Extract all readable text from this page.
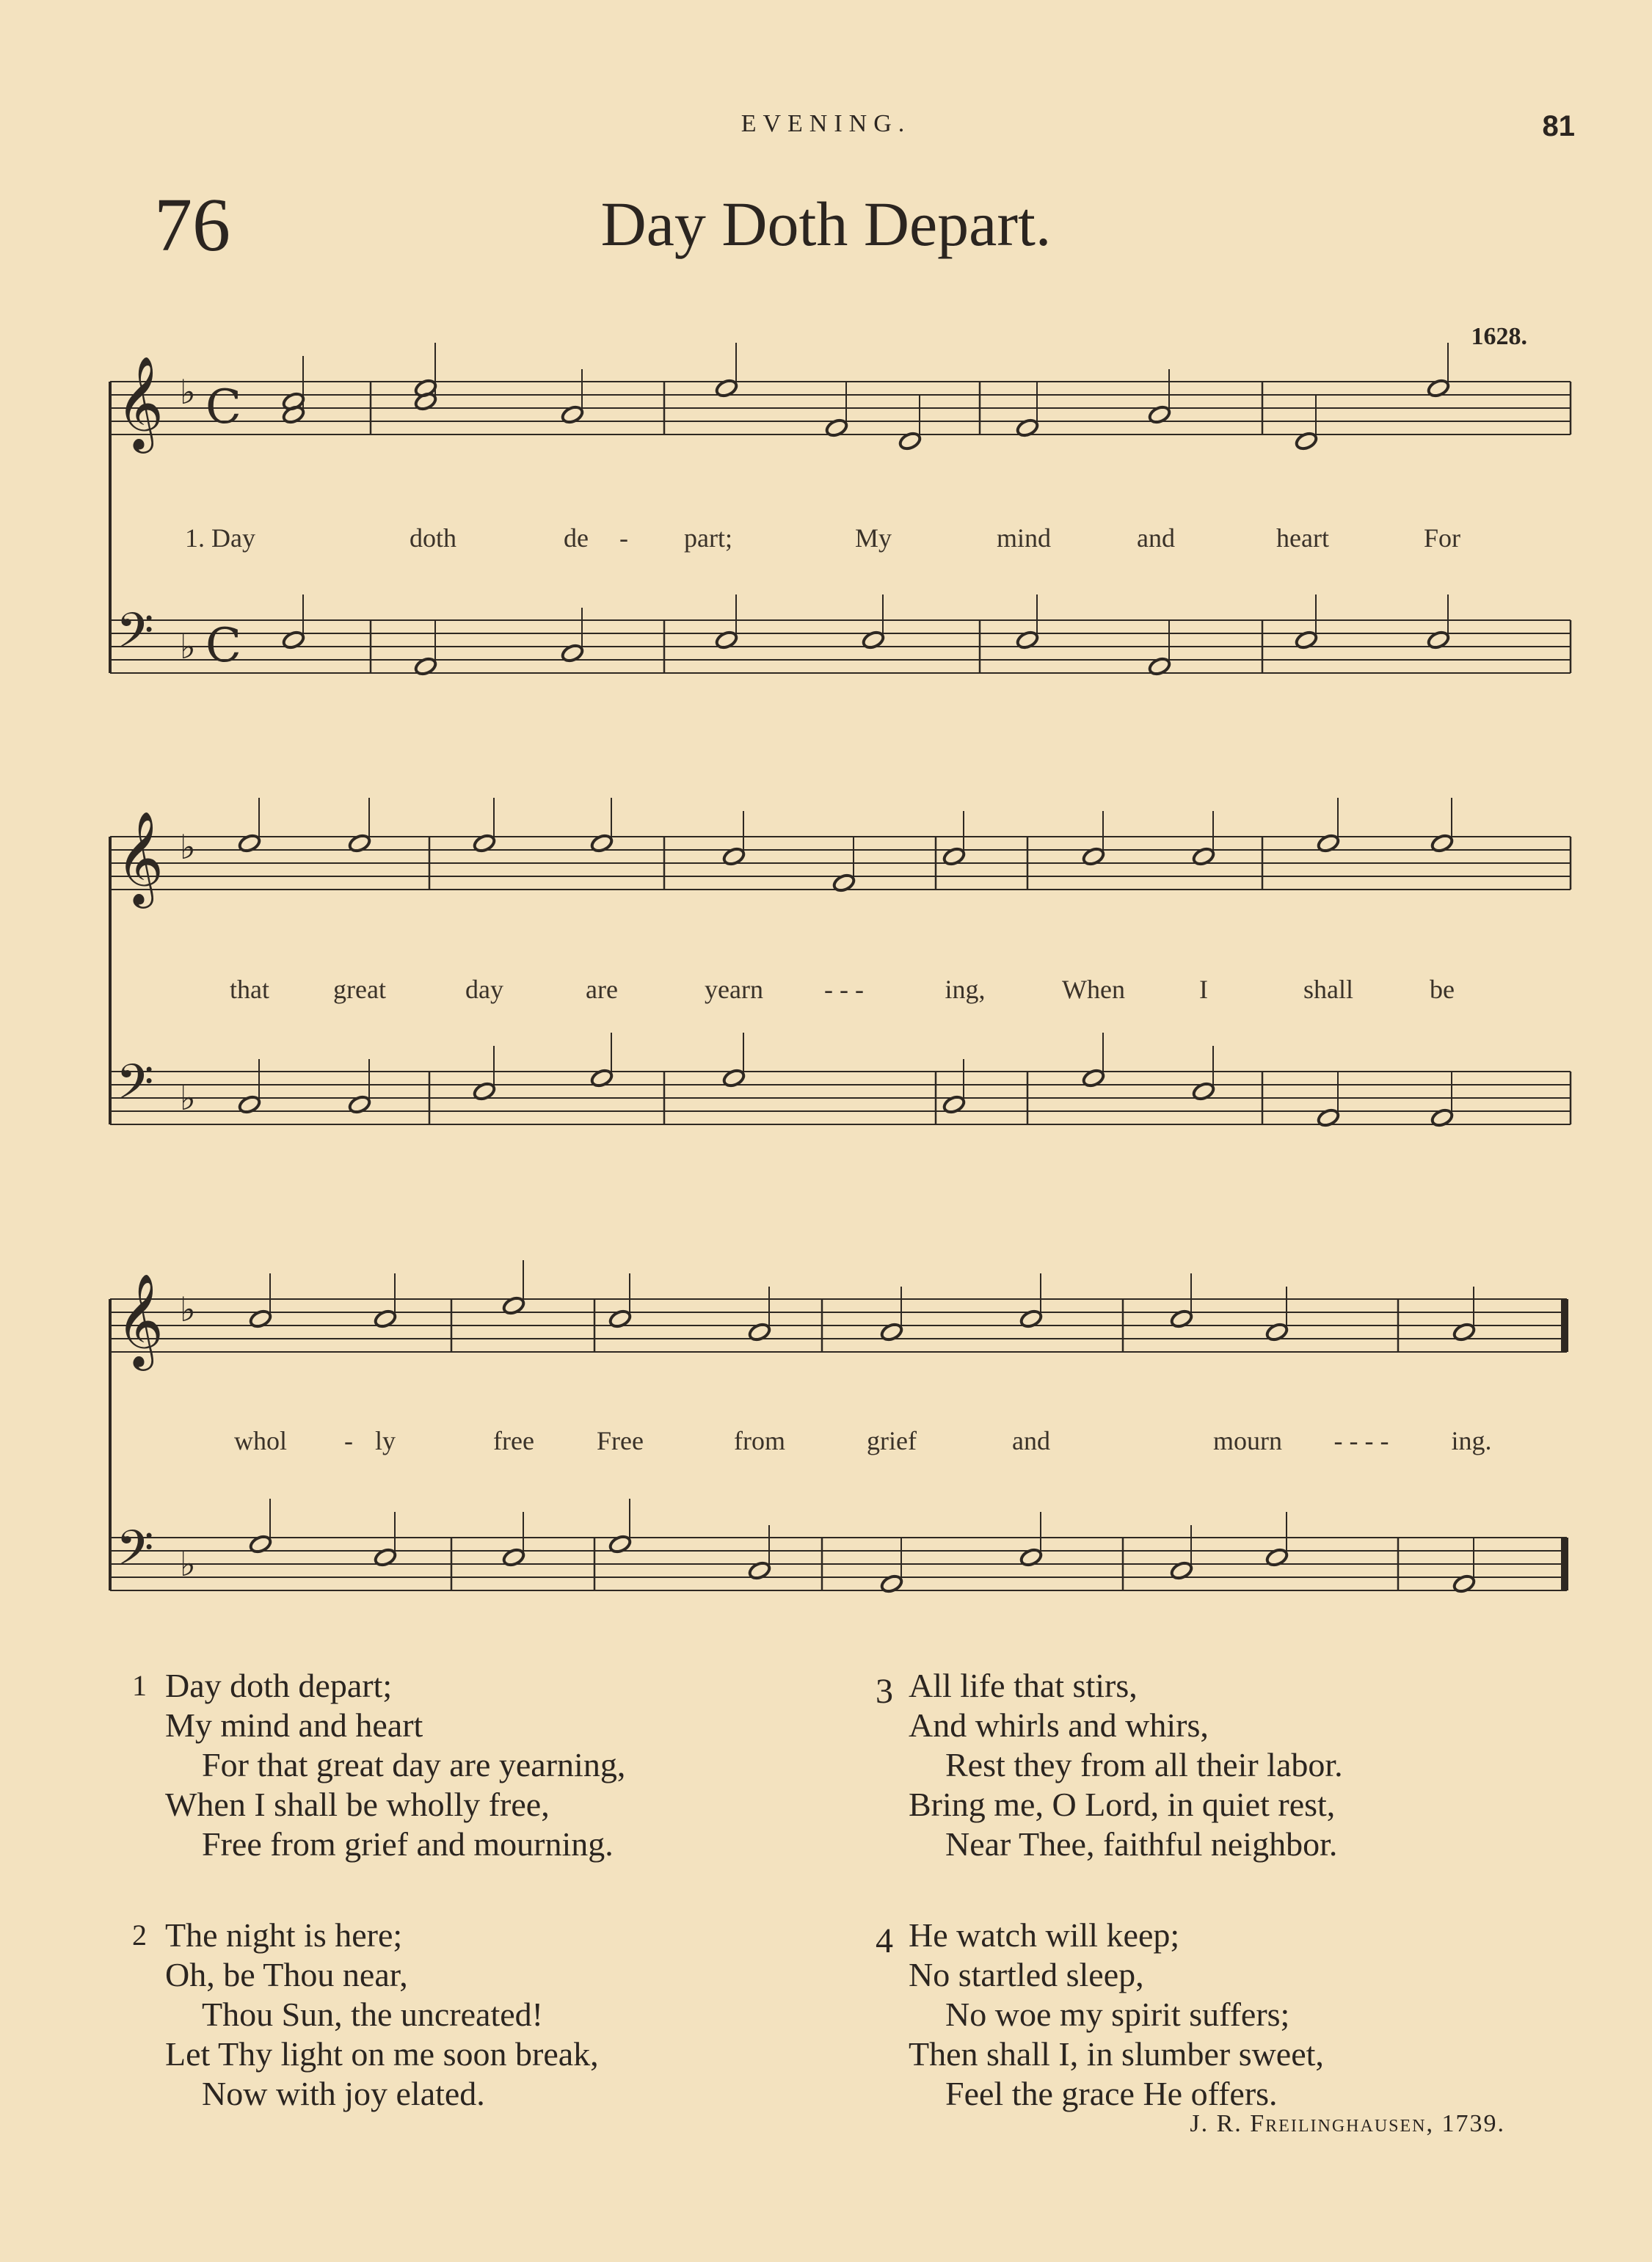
EVENING.	81
76	Day Doth Depart.
1628.
𝄞 ♭ C
𝄢 ♭ C
1. Day	doth	de - part;	My	mind	and	heart	For
𝄞 ♭
𝄢 ♭
that great	day	are	yearn - - -	ing,	When	I	shall	be
𝄞 ♭
𝄢 ♭
whol - ly	free Free	from	grief	and	mourn - - - - ing.
1 Day doth depart;
My mind and heart
For that great day are yearning,
When I shall be wholly free,
Free from grief and mourning.
2 The night is here;
Oh, be Thou near,
Thou Sun, the uncreated!
Let Thy light on me soon break,
Now with joy elated.
3 All life that stirs,
And whirls and whirs,
Rest they from all their labor.
Bring me, O Lord, in quiet rest,
Near Thee, faithful neighbor.
4 He watch will keep;
No startled sleep,
No woe my spirit suffers;
Then shall I, in slumber sweet,
Feel the grace He offers.
J. R. Freilinghausen, 1739.
